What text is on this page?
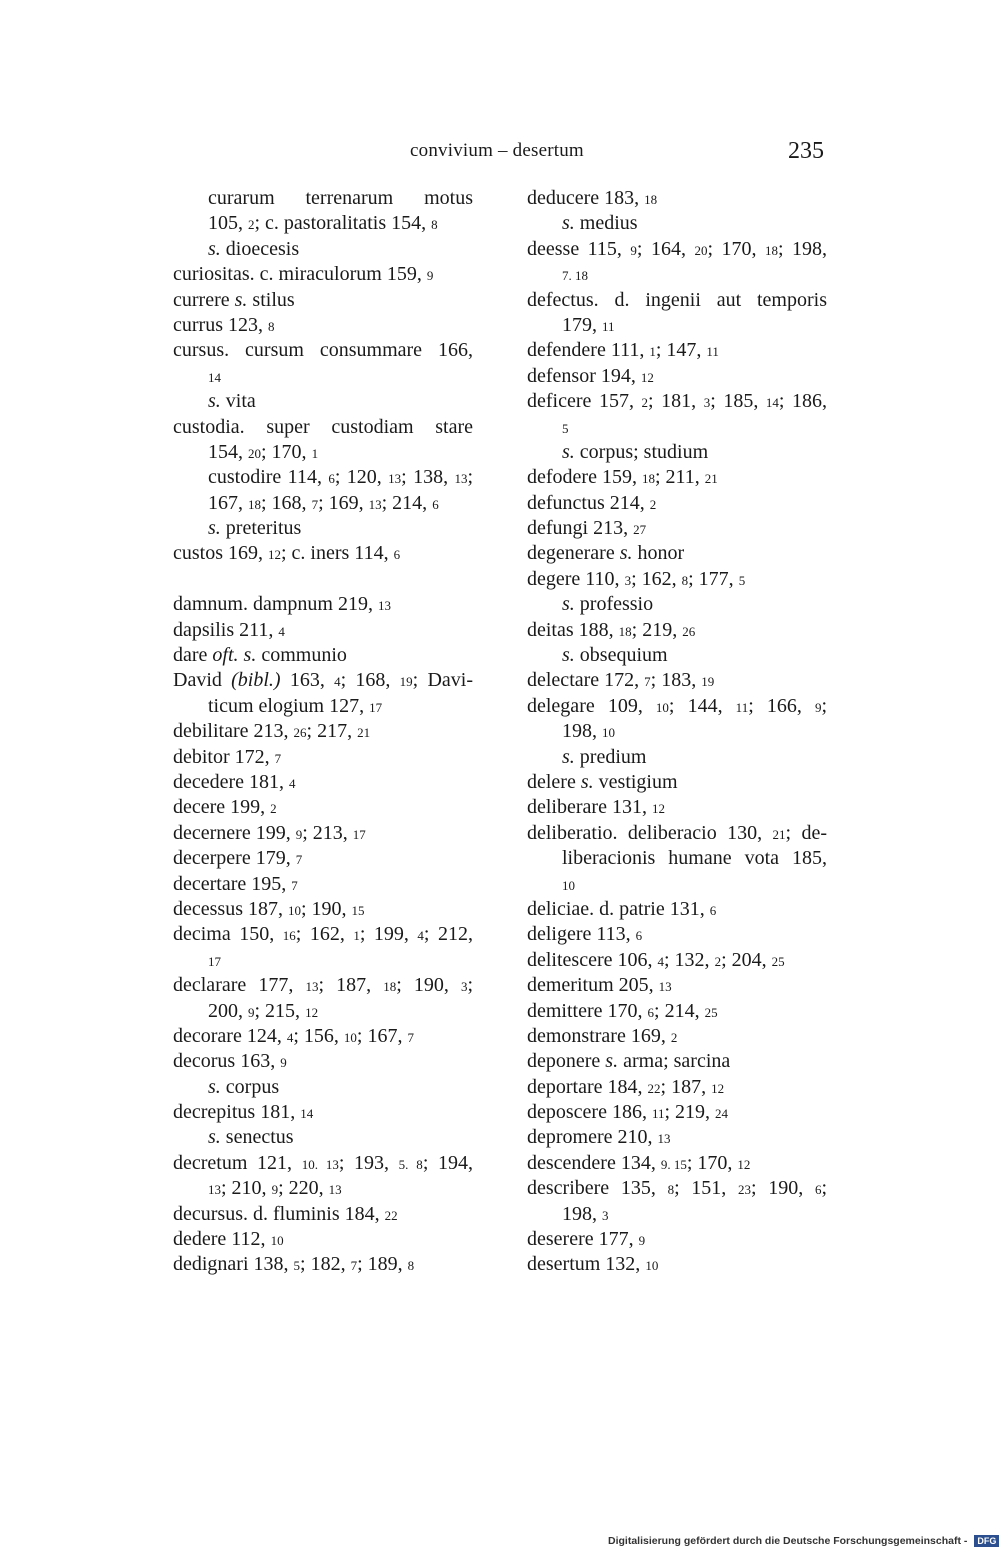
convivium – desertum	235
curarum terrenarum motus
105, 2; c. pastoralitatis 154, 8
s. dioecesis
curiositas. c. miraculorum 159, 9
currere s. stilus
currus 123, 8
cursus. cursum consummare 166,
14
s. vita
custodia. super custodiam stare
154, 20; 170, 1
custodire 114, 6; 120, 13; 138, 13;
167, 18; 168, 7; 169, 13; 214, 6
s. preteritus
custos 169, 12; c. iners 114, 6
damnum. dampnum 219, 13
dapsilis 211, 4
dare oft. s. communio
David (bibl.) 163, 4; 168, 19; Davi-
ticum elogium 127, 17
debilitare 213, 26; 217, 21
debitor 172, 7
decedere 181, 4
decere 199, 2
decernere 199, 9; 213, 17
decerpere 179, 7
decertare 195, 7
decessus 187, 10; 190, 15
decima 150, 16; 162, 1; 199, 4; 212,
17
declarare 177, 13; 187, 18; 190, 3;
200, 9; 215, 12
decorare 124, 4; 156, 10; 167, 7
decorus 163, 9
s. corpus
decrepitus 181, 14
s. senectus
decretum 121, 10. 13; 193, 5. 8; 194,
13; 210, 9; 220, 13
decursus. d. fluminis 184, 22
dedere 112, 10
dedignari 138, 5; 182, 7; 189, 8
deducere 183, 18
s. medius
deesse 115, 9; 164, 20; 170, 18; 198,
7. 18
defectus. d. ingenii aut temporis
179, 11
defendere 111, 1; 147, 11
defensor 194, 12
deficere 157, 2; 181, 3; 185, 14; 186,
5
s. corpus; studium
defodere 159, 18; 211, 21
defunctus 214, 2
defungi 213, 27
degenerare s. honor
degere 110, 3; 162, 8; 177, 5
s. professio
deitas 188, 18; 219, 26
s. obsequium
delectare 172, 7; 183, 19
delegare 109, 10; 144, 11; 166, 9;
198, 10
s. predium
delere s. vestigium
deliberare 131, 12
deliberatio. deliberacio 130, 21; de-
liberacionis humane vota 185,
10
deliciae. d. patrie 131, 6
deligere 113, 6
delitescere 106, 4; 132, 2; 204, 25
demeritum 205, 13
demittere 170, 6; 214, 25
demonstrare 169, 2
deponere s. arma; sarcina
deportare 184, 22; 187, 12
deposcere 186, 11; 219, 24
depromere 210, 13
descendere 134, 9. 15; 170, 12
describere 135, 8; 151, 23; 190, 6;
198, 3
deserere 177, 9
desertum 132, 10
Digitalisierung gefördert durch die Deutsche Forschungsgemeinschaft - DFG
